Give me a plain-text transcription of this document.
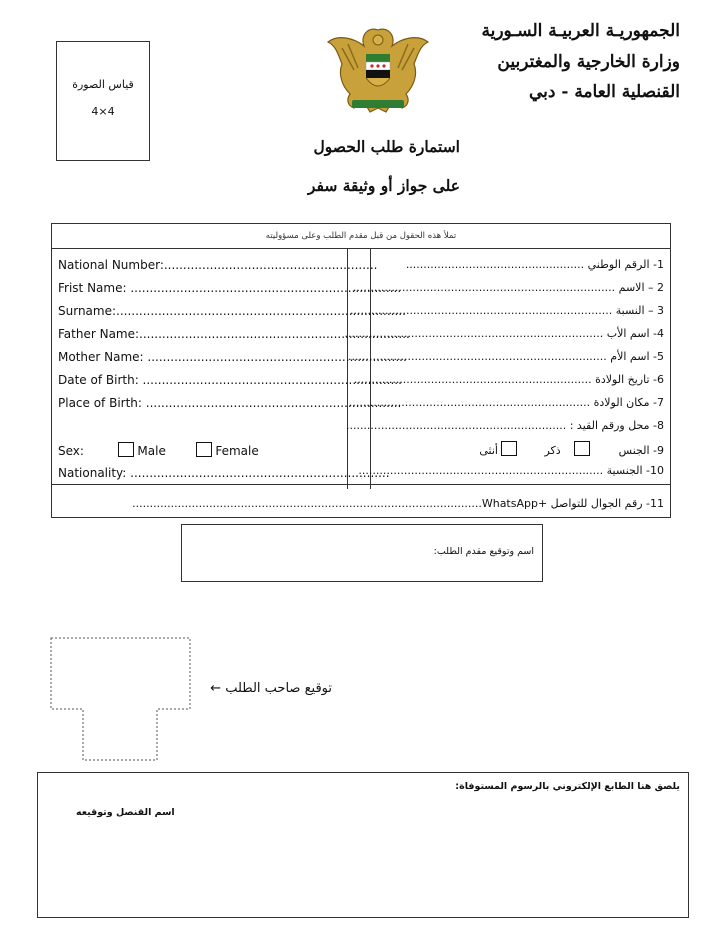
الجمهوريـة العربيـة السـورية
وزارة الخارجية والمغتربين
القنصلية العامة - دبي
قياس الصورة
4×4
استمارة طلب الحصول
على جواز أو وثيقة سفر
تملأ هذه الحقول من قبل مقدم الطلب وعلى مسؤوليته
National Number:........................................................
Frist Name: .......................................................................
Surname:............................................................................
Father Name:.......................................................................
Mother Name: ....................................................................
Date of Birth: ....................................................................
Place of Birth: ...................................................................
Sex:	Male	Female
Nationality: ....................................................................
1- الرقم الوطني ...................................................
2 – الاسم ...........................................................................
3 – النسبة ...........................................................................
4- اسم الأب ..........................................................................
5- اسم الأم ..........................................................................
6- تاريخ الولادة ....................................................................
7- مكان الولادة .....................................................................
8- محل ورقم القيد : ...............................................................
9- الجنس    ذكر   أنثى
10- الجنسية ......................................................................
11- رقم الجوال للتواصل +WhatsApp....................................................................................................
اسم وتوقيع مقدم الطلب:
توقيع صاحب الطلب ←
يلصق هنا الطابع الإلكتروني بالرسوم المستوفاة:
اسم القنصل وتوقيعه
